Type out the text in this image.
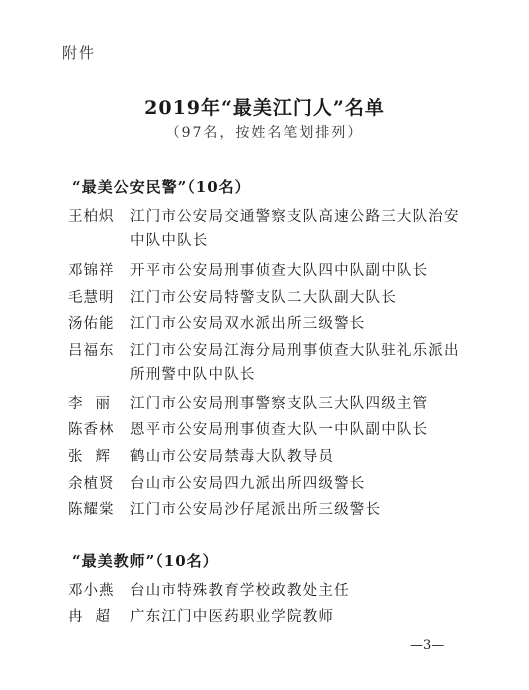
附件
2019年“最美江门人”名单
（97名，按姓名笔划排列）
“最美公安民警”（10名）
王柏炽	江门市公安局交通警察支队高速公路三大队治安
中队中队长
邓锦祥	开平市公安局刑事侦查大队四中队副中队长
毛慧明	江门市公安局特警支队二大队副大队长
汤佑能	江门市公安局双水派出所三级警长
吕福东	江门市公安局江海分局刑事侦查大队驻礼乐派出
所刑警中队中队长
李丽 江门市公安局刑事警察支队三大队四级主管
陈香林	恩平市公安局刑事侦查大队一中队副中队长
张辉 鹤山市公安局禁毒大队教导员
余植贤	台山市公安局四九派出所四级警长
陈耀棠	江门市公安局沙仔尾派出所三级警长
“最美教师”（10名）
邓小燕	台山市特殊教育学校政教处主任
冉超 广东江门中医药职业学院教师
—3—
